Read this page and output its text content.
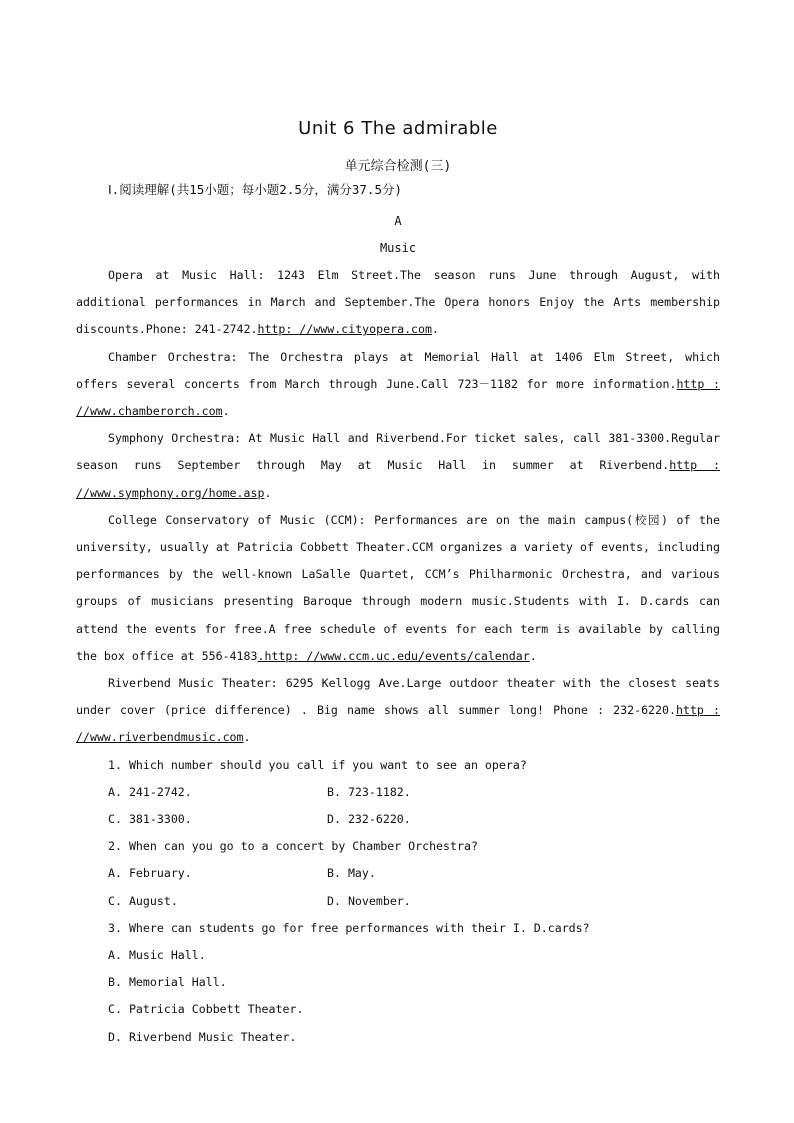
Unit 6 The admirable
单元综合检测(三)
Ⅰ.阅读理解(共15小题；每小题2.5分，满分37.5分)
A
Music

Opera at Music Hall: 1243 Elm Street.The season runs June through August, with additional performances in March and September.The Opera honors Enjoy the Arts membership discounts.Phone: 241-2742.http: //www.cityopera.com.

Chamber Orchestra: The Orchestra plays at Memorial Hall at 1406 Elm Street, which offers several concerts from March through June.Call 723－1182 for more information.http : //www.chamberorch.com.

Symphony Orchestra: At Music Hall and Riverbend.For ticket sales, call 381-3300.Regular season runs September through May at Music Hall in summer at Riverbend.http : //www.symphony.org/home.asp.

College Conservatory of Music (CCM): Performances are on the main campus(校园) of the university, usually at Patricia Cobbett Theater.CCM organizes a variety of events, including performances by the well-known LaSalle Quartet, CCM’s Philharmonic Orchestra, and various groups of musicians presenting Baroque through modern music.Students with I. D.cards can attend the events for free.A free schedule of events for each term is available by calling the box office at 556-4183.http: //www.ccm.uc.edu/events/calendar.

Riverbend Music Theater: 6295 Kellogg Ave.Large outdoor theater with the closest seats under cover (price difference) . Big name shows all summer long! Phone : 232-6220.http : //www.riverbendmusic.com.

1. Which number should you call if you want to see an opera?
A. 241-2742.	B. 723-1182.
C. 381-3300.	D. 232-6220.
2. When can you go to a concert by Chamber Orchestra?
A. February.	B. May.
C. August.	D. November.
3. Where can students go for free performances with their I. D.cards?
A. Music Hall.
B. Memorial Hall.
C. Patricia Cobbett Theater.
D. Riverbend Music Theater.
